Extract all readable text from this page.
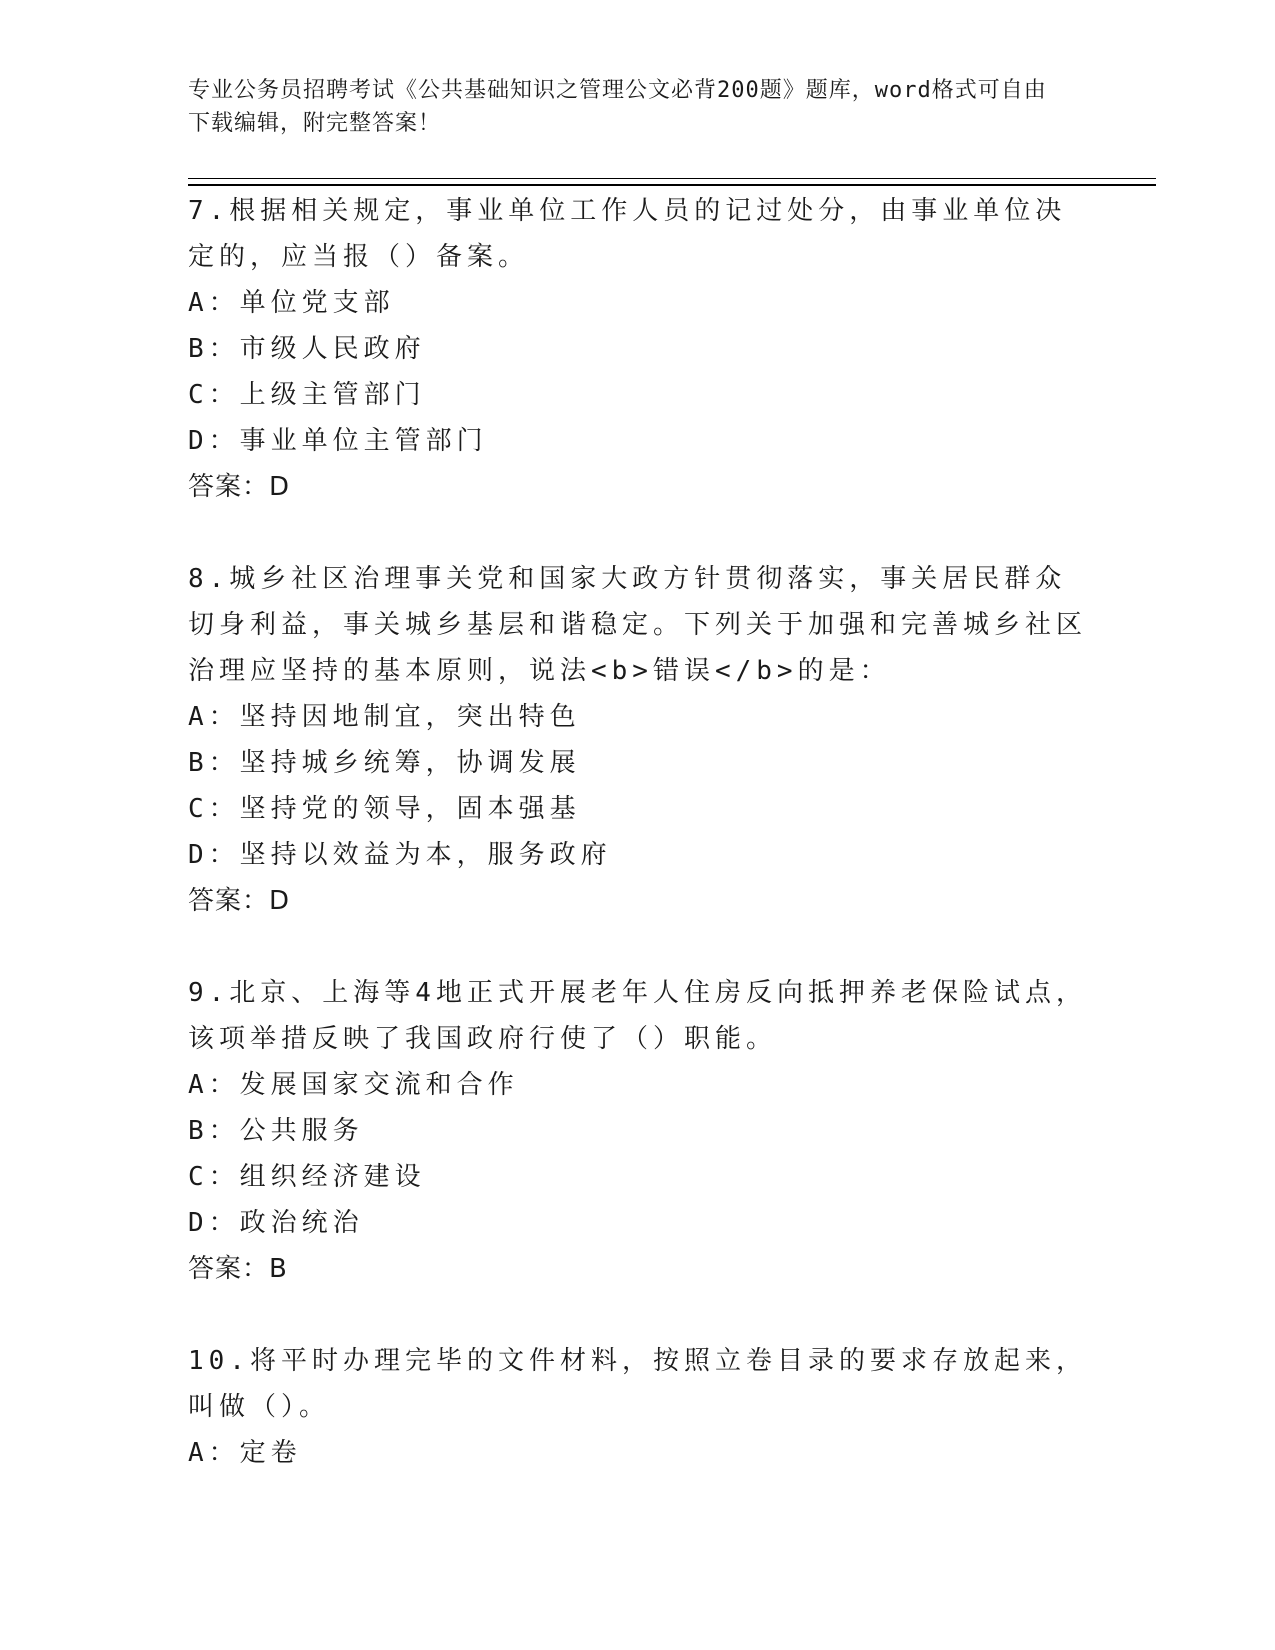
专业公务员招聘考试《公共基础知识之管理公文必背200题》题库，word格式可自由下载编辑，附完整答案！
7.根据相关规定，事业单位工作人员的记过处分，由事业单位决定的，应当报（）备案。
A：单位党支部
B：市级人民政府
C：上级主管部门
D：事业单位主管部门
答案：D
8.城乡社区治理事关党和国家大政方针贯彻落实，事关居民群众切身利益，事关城乡基层和谐稳定。下列关于加强和完善城乡社区治理应坚持的基本原则，说法<b>错误</b>的是：
A：坚持因地制宜，突出特色
B：坚持城乡统筹，协调发展
C：坚持党的领导，固本强基
D：坚持以效益为本，服务政府
答案：D
9.北京、上海等4地正式开展老年人住房反向抵押养老保险试点，该项举措反映了我国政府行使了（）职能。
A：发展国家交流和合作
B：公共服务
C：组织经济建设
D：政治统治
答案：B
10.将平时办理完毕的文件材料，按照立卷目录的要求存放起来，叫做（）。
A：定卷
